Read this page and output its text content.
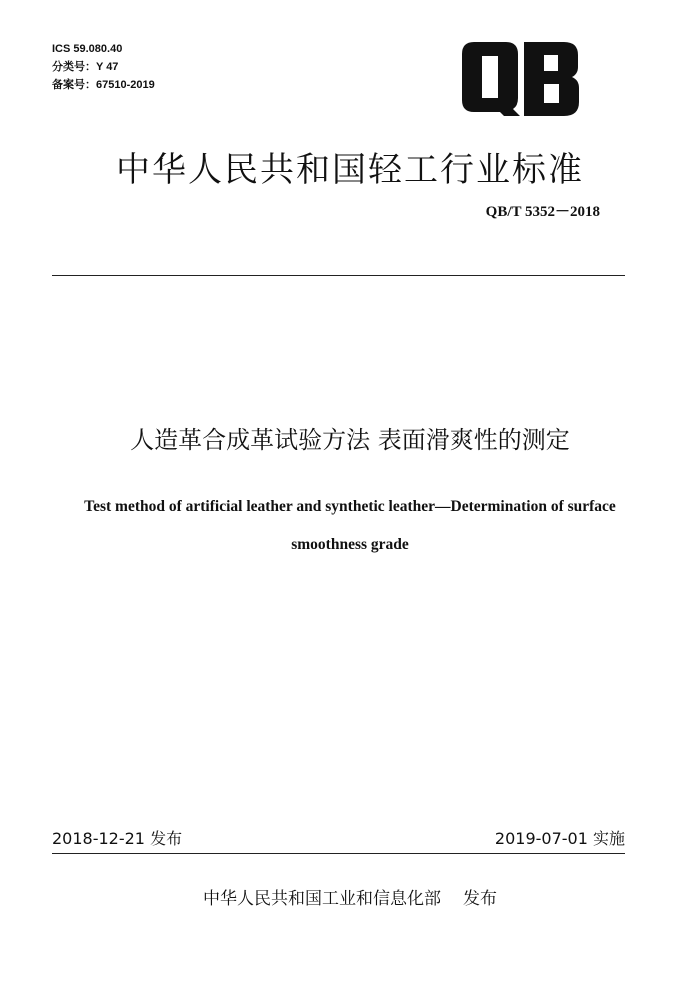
ICS 59.080.40
分类号：Y 47
备案号：67510-2019
中华人民共和国轻工行业标准
QB/T 5352－2018
人造革合成革试验方法 表面滑爽性的测定
Test method of artificial leather and synthetic leather—Determination of surface
smoothness grade
2018-12-21 发布	2019-07-01 实施
中华人民共和国工业和信息化部 发布
